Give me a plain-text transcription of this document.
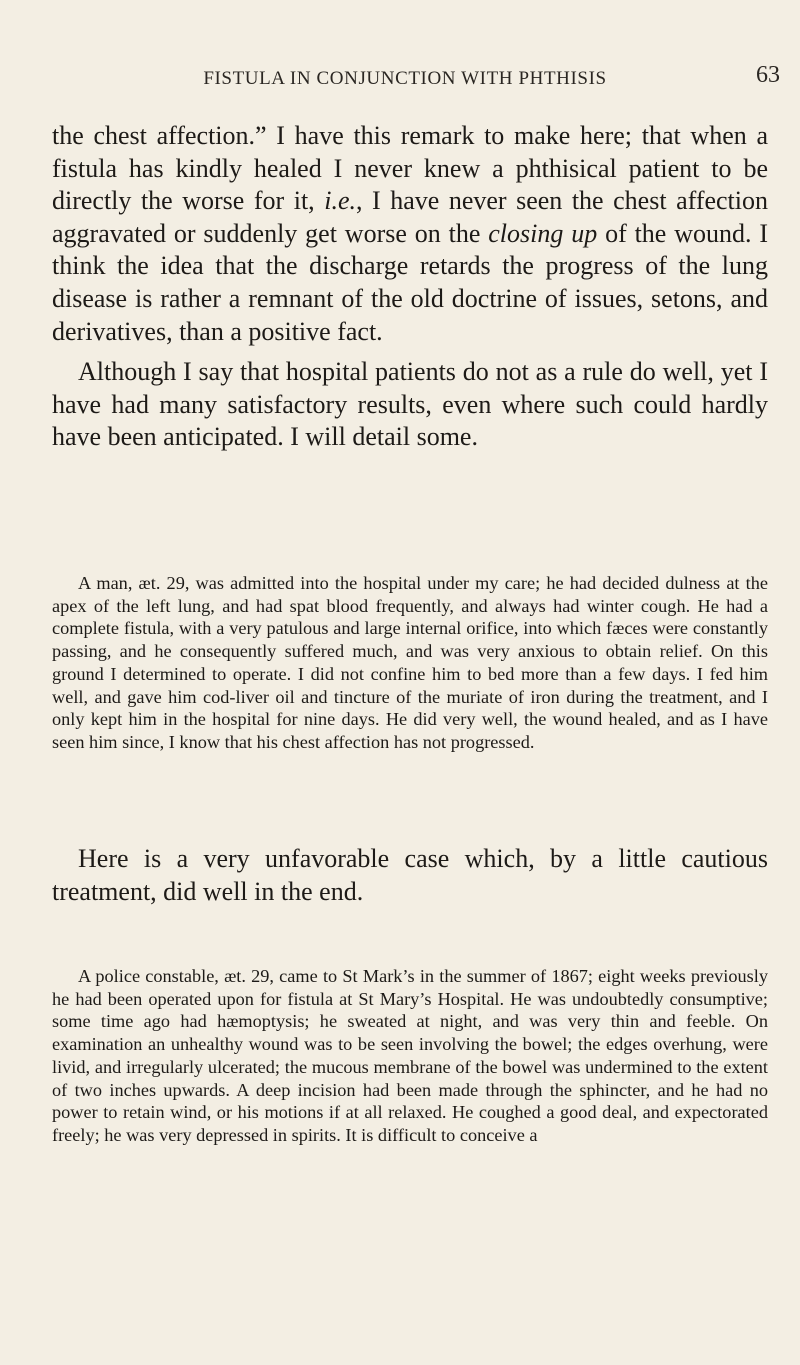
FISTULA IN CONJUNCTION WITH PHTHISIS	63

the chest affection.” I have this remark to make here; that when a fistula has kindly healed I never knew a phthisical patient to be directly the worse for it, i.e., I have never seen the chest affection aggravated or suddenly get worse on the closing up of the wound. I think the idea that the discharge retards the progress of the lung disease is rather a remnant of the old doctrine of issues, setons, and derivatives, than a positive fact.

Although I say that hospital patients do not as a rule do well, yet I have had many satisfactory results, even where such could hardly have been anticipated. I will detail some.

A man, æt. 29, was admitted into the hospital under my care; he had decided dulness at the apex of the left lung, and had spat blood frequently, and always had winter cough. He had a complete fistula, with a very patulous and large internal orifice, into which fæces were constantly passing, and he consequently suffered much, and was very anxious to obtain relief. On this ground I determined to operate. I did not confine him to bed more than a few days. I fed him well, and gave him cod-liver oil and tincture of the muriate of iron during the treatment, and I only kept him in the hospital for nine days. He did very well, the wound healed, and as I have seen him since, I know that his chest affection has not progressed.

Here is a very unfavorable case which, by a little cautious treatment, did well in the end.

A police constable, æt. 29, came to St Mark’s in the summer of 1867; eight weeks previously he had been operated upon for fistula at St Mary’s Hospital. He was undoubtedly consumptive; some time ago had hæmoptysis; he sweated at night, and was very thin and feeble. On examination an unhealthy wound was to be seen involving the bowel; the edges overhung, were livid, and irregularly ulcerated; the mucous membrane of the bowel was undermined to the extent of two inches upwards. A deep incision had been made through the sphincter, and he had no power to retain wind, or his motions if at all relaxed. He coughed a good deal, and expectorated freely; he was very depressed in spirits. It is difficult to conceive a
